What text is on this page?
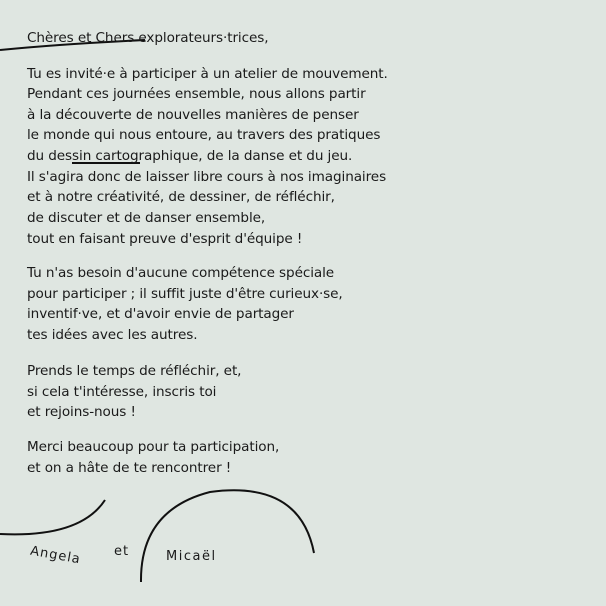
Chères et Chers explorateurs·trices,
Tu es invité·e à participer à un atelier de mouvement.
Pendant ces journées ensemble, nous allons partir
à la découverte de nouvelles manières de penser
le monde qui nous entoure, au travers des pratiques
du dessin cartographique, de la danse et du jeu.
Il s'agira donc de laisser libre cours à nos imaginaires
et à notre créativité, de dessiner, de réfléchir,
de discuter et de danser ensemble,
tout en faisant preuve d'esprit d'équipe !
Tu n'as besoin d'aucune compétence spéciale
pour participer ; il suffit juste d'être curieux·se,
inventif·ve, et d'avoir envie de partager
tes idées avec les autres.
Prends le temps de réfléchir, et,
si cela t'intéresse, inscris toi
et rejoins-nous !
Merci beaucoup pour ta participation,
et on a hâte de te rencontrer !
Angela et	Micaël
